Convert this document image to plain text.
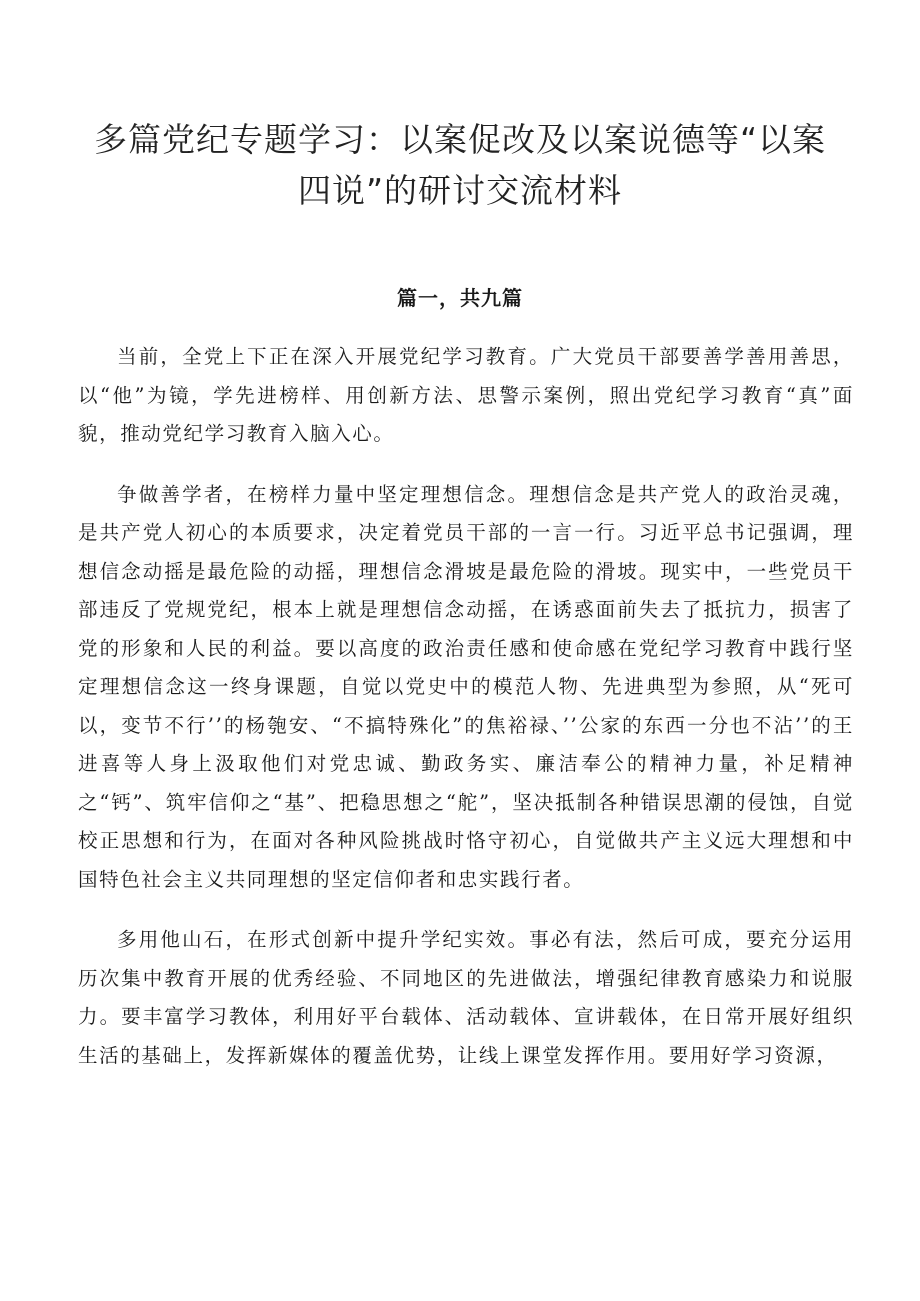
多篇党纪专题学习：以案促改及以案说德等“以案
四说”的研讨交流材料
篇一，共九篇

当前，全党上下正在深入开展党纪学习教育。广大党员干部要善学善用善思，以“他”为镜，学先进榜样、用创新方法、思警示案例，照出党纪学习教育“真”面貌，推动党纪学习教育入脑入心。

争做善学者，在榜样力量中坚定理想信念。理想信念是共产党人的政治灵魂，是共产党人初心的本质要求，决定着党员干部的一言一行。习近平总书记强调，理想信念动摇是最危险的动摇，理想信念滑坡是最危险的滑坡。现实中，一些党员干部违反了党规党纪，根本上就是理想信念动摇，在诱惑面前失去了抵抗力，损害了党的形象和人民的利益。要以高度的政治责任感和使命感在党纪学习教育中践行坚定理想信念这一终身课题，自觉以党史中的模范人物、先进典型为参照，从“死可以，变节不行’’的杨匏安、“不搞特殊化”的焦裕禄、’’公家的东西一分也不沾’’的王进喜等人身上汲取他们对党忠诚、勤政务实、廉洁奉公的精神力量，补足精神之“钙”、筑牢信仰之“基”、把稳思想之“舵”，坚决抵制各种错误思潮的侵蚀，自觉校正思想和行为，在面对各种风险挑战时恪守初心，自觉做共产主义远大理想和中国特色社会主义共同理想的坚定信仰者和忠实践行者。

多用他山石，在形式创新中提升学纪实效。事必有法，然后可成，要充分运用历次集中教育开展的优秀经验、不同地区的先进做法，增强纪律教育感染力和说服力。要丰富学习教体，利用好平台载体、活动载体、宣讲载体，在日常开展好组织生活的基础上，发挥新媒体的覆盖优势，让线上课堂发挥作用。要用好学习资源，
